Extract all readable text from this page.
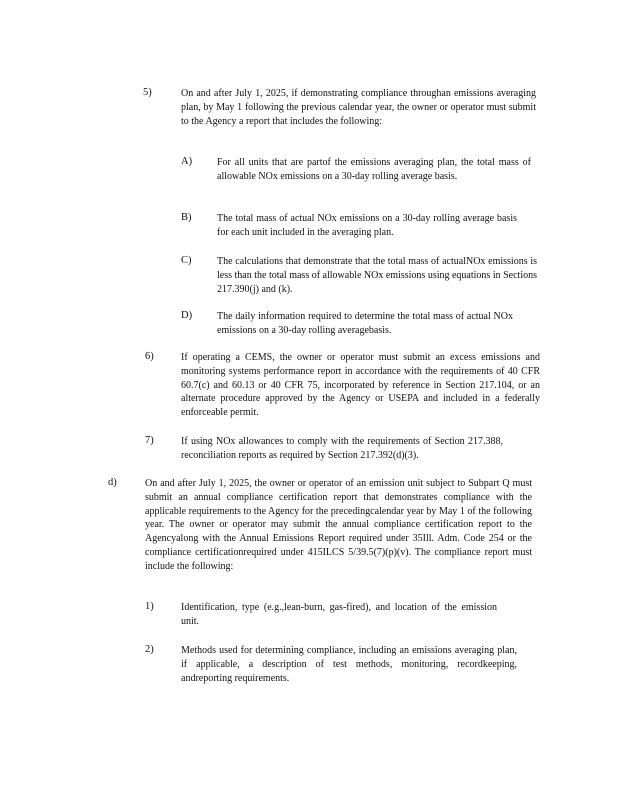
5)	On and after July 1, 2025, if demonstrating compliance throughan emissions averaging plan, by May 1 following the previous calendar year, the owner or operator must submit to the Agency a report that includes the following:

A) For all units that are partof the emissions averaging plan, the total mass of allowable NOx emissions on a 30-day rolling average basis.

B)	The total mass of actual NOx emissions on a 30-day rolling average basis for each unit included in the averaging plan.

C)	The calculations that demonstrate that the total mass of actualNOx emissions is less than the total mass of allowable NOx emissions using equations in Sections 217.390(j) and (k).

D) The daily information required to determine the total mass of actual NOx emissions on a 30-day rolling averagebasis.

6)	If operating a CEMS, the owner or operator must submit an excess emissions and monitoring systems performance report in accordance with the requirements of 40 CFR 60.7(c) and 60.13 or 40 CFR 75, incorporated by reference in Section 217.104, or an alternate procedure approved by the Agency or USEPA and included in a federally enforceable permit.

7)	If using NOx allowances to comply with the requirements of Section 217.388, reconciliation reports as required by Section 217.392(d)(3).

d)	On and after July 1, 2025, the owner or operator of an emission unit subject to Subpart Q must submit an annual compliance certification report that demonstrates compliance with the applicable requirements to the Agency for the precedingcalendar year by May 1 of the following year. The owner or operator may submit the annual compliance certification report to the Agencyalong with the Annual Emissions Report required under 35Ill. Adm. Code 254 or the compliance certificationrequired under 415ILCS 5/39.5(7)(p)(v). The compliance report must include the following:

1)	Identification, type (e.g.,lean-burn, gas-fired), and location of the emission unit.

2)	Methods used for determining compliance, including an emissions averaging plan, if applicable, a description of test methods, monitoring, recordkeeping, andreporting requirements.
